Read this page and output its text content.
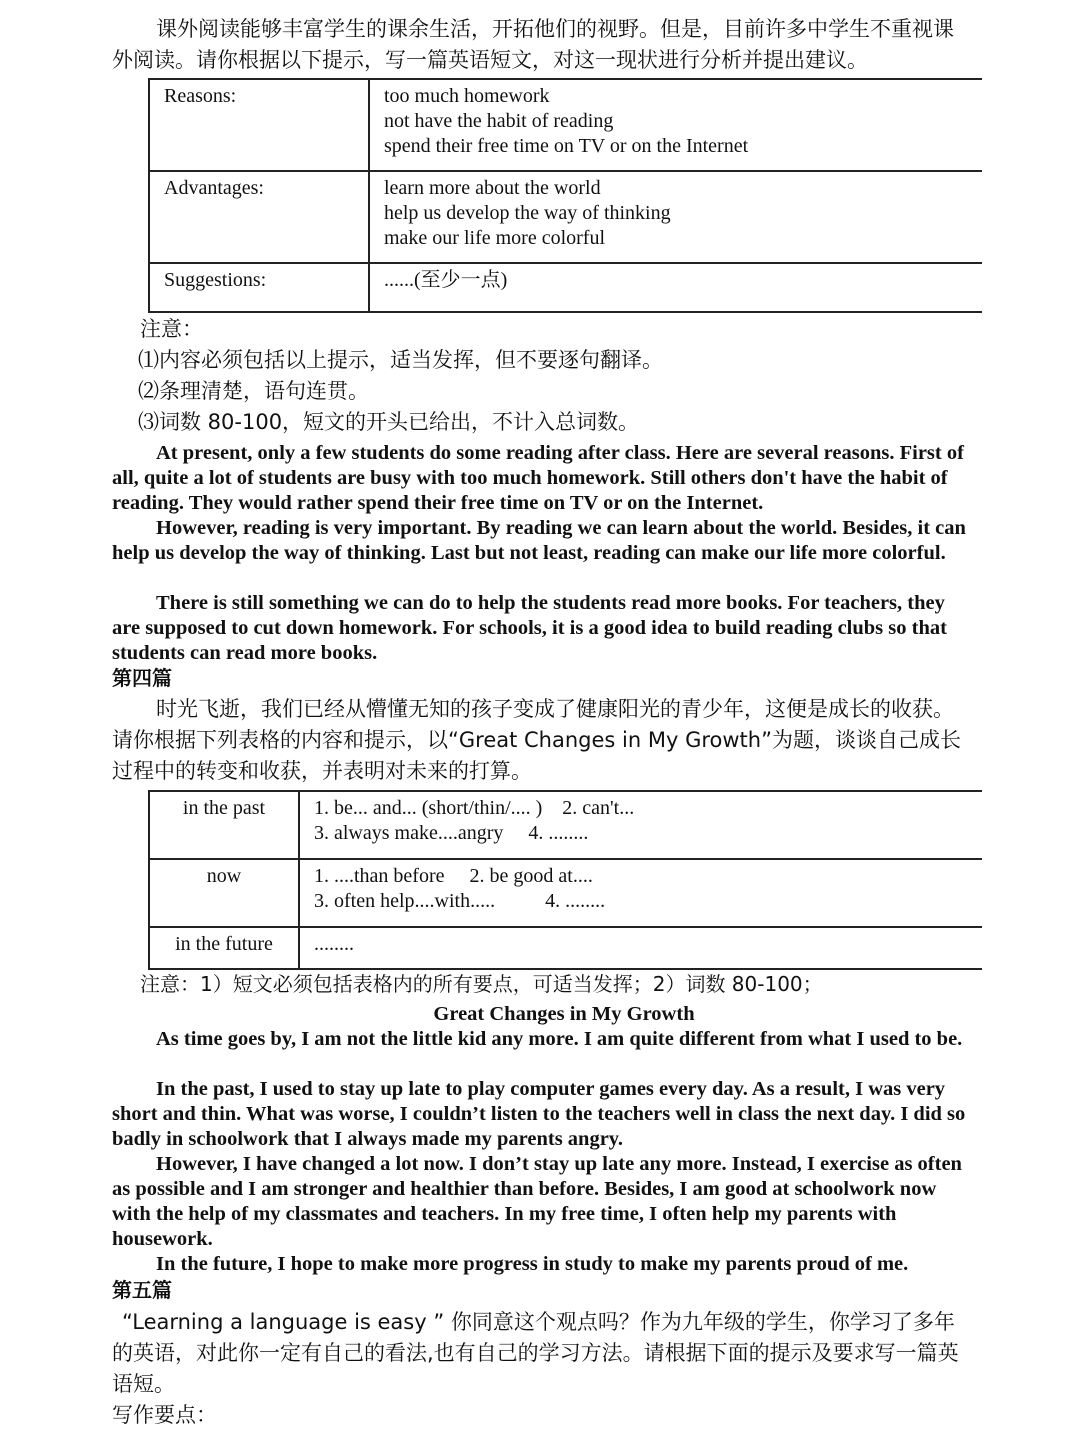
课外阅读能够丰富学生的课余生活，开拓他们的视野。但是，目前许多中学生不重视课外阅读。请你根据以下提示，写一篇英语短文，对这一现状进行分析并提出建议。

Reasons:	too much homework
not have the habit of reading
spend their free time on TV or on the Internet

Advantages:	learn more about the world
help us develop the way of thinking
make our life more colorful

Suggestions:	......(至少一点)

注意：

⑴内容必须包括以上提示，适当发挥，但不要逐句翻译。

⑵条理清楚，语句连贯。

⑶词数 80-100，短文的开头已给出，不计入总词数。

At present, only a few students do some reading after class. Here are several reasons. First of all, quite a lot of students are busy with too much homework. Still others don't have the habit of reading. They would rather spend their free time on TV or on the Internet.

However, reading is very important. By reading we can learn about the world. Besides, it can help us develop the way of thinking. Last but not least, reading can make our life more colorful.

There is still something we can do to help the students read more books. For teachers, they are supposed to cut down homework. For schools, it is a good idea to build reading clubs so that students can read more books.

第四篇

时光飞逝，我们已经从懵懂无知的孩子变成了健康阳光的青少年，这便是成长的收获。请你根据下列表格的内容和提示，以“Great Changes in My Growth”为题，谈谈自己成长过程中的转变和收获，并表明对未来的打算。

in the past	1. be... and... (short/thin/.... )    2. can't...
3. always make....angry     4. ........

now	1. ....than before     2. be good at....
3. often help....with.....          4. ........

in the future	........

注意：1）短文必须包括表格内的所有要点，可适当发挥；2）词数 80-100；

Great Changes in My Growth

As time goes by, I am not the little kid any more. I am quite different from what I used to be.

In the past, I used to stay up late to play computer games every day. As a result, I was very short and thin. What was worse, I couldn’t listen to the teachers well in class the next day. I did so badly in schoolwork that I always made my parents angry.

However, I have changed a lot now. I don’t stay up late any more. Instead, I exercise as often as possible and I am stronger and healthier than before. Besides, I am good at schoolwork now with the help of my classmates and teachers. In my free time, I often help my parents with housework.

In the future, I hope to make more progress in study to make my parents proud of me.

第五篇

“Learning a language is easy ” 你同意这个观点吗？作为九年级的学生，你学习了多年的英语，对此你一定有自己的看法,也有自己的学习方法。请根据下面的提示及要求写一篇英语短。

写作要点：
